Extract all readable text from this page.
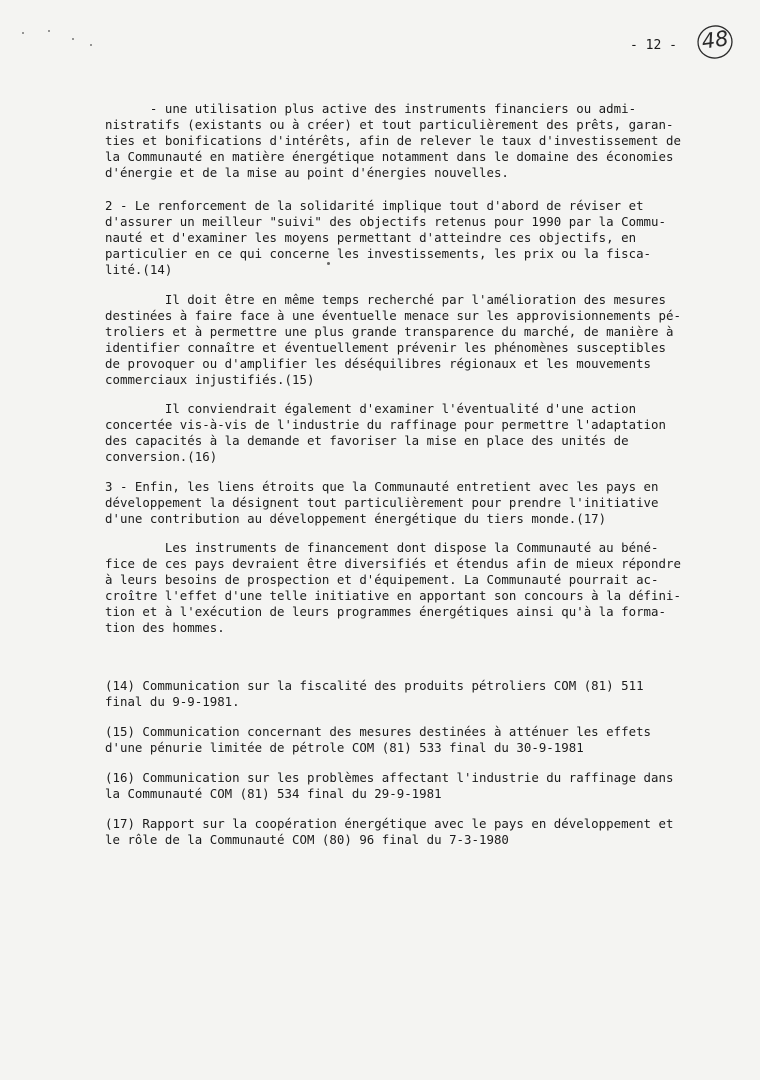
- 12 -	48
- une utilisation plus active des instruments financiers ou admi-
nistratifs (existants ou à créer) et tout particulièrement des prêts, garan-
ties et bonifications d'intérêts, afin de relever le taux d'investissement de
la Communauté en matière énergétique notamment dans le domaine des économies
d'énergie et de la mise au point d'énergies nouvelles.
2 - Le renforcement de la solidarité implique tout d'abord de réviser et
d'assurer un meilleur "suivi" des objectifs retenus pour 1990 par la Commu-
nauté et d'examiner les moyens permettant d'atteindre ces objectifs, en
particulier en ce qui concerne les investissements, les prix ou la fisca-
lité.(14)
Il doit être en même temps recherché par l'amélioration des mesures
destinées à faire face à une éventuelle menace sur les approvisionnements pé-
troliers et à permettre une plus grande transparence du marché, de manière à
identifier connaître et éventuellement prévenir les phénomènes susceptibles
de provoquer ou d'amplifier les déséquilibres régionaux et les mouvements
commerciaux injustifiés.(15)
Il conviendrait également d'examiner l'éventualité d'une action
concertée vis-à-vis de l'industrie du raffinage pour permettre l'adaptation
des capacités à la demande et favoriser la mise en place des unités de
conversion.(16)
3 - Enfin, les liens étroits que la Communauté entretient avec les pays en
développement la désignent tout particulièrement pour prendre l'initiative
d'une contribution au développement énergétique du tiers monde.(17)
Les instruments de financement dont dispose la Communauté au béné-
fice de ces pays devraient être diversifiés et étendus afin de mieux répondre
à leurs besoins de prospection et d'équipement. La Communauté pourrait ac-
croître l'effet d'une telle initiative en apportant son concours à la défini-
tion et à l'exécution de leurs programmes énergétiques ainsi qu'à la forma-
tion des hommes.
(14) Communication sur la fiscalité des produits pétroliers COM (81) 511
final du 9-9-1981.
(15) Communication concernant des mesures destinées à atténuer les effets
d'une pénurie limitée de pétrole COM (81) 533 final du 30-9-1981
(16) Communication sur les problèmes affectant l'industrie du raffinage dans
la Communauté COM (81) 534 final du 29-9-1981
(17) Rapport sur la coopération énergétique avec le pays en développement et
le rôle de la Communauté COM (80) 96 final du 7-3-1980
